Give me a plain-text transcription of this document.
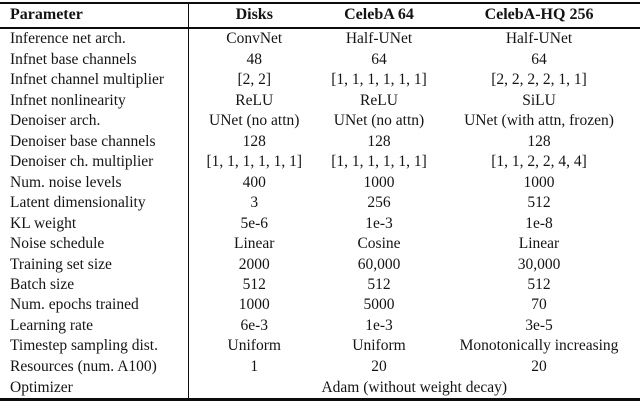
Parameter	Disks	CelebA 64	CelebA-HQ 256
Inference net arch.	ConvNet	Half-UNet	Half-UNet
Infnet base channels	48	64	64
Infnet channel multiplier	[2, 2]	[1, 1, 1, 1, 1, 1]	[2, 2, 2, 2, 1, 1]
Infnet nonlinearity	ReLU	ReLU	SiLU
Denoiser arch.	UNet (no attn)	UNet (no attn)	UNet (with attn, frozen)
Denoiser base channels	128	128	128
Denoiser ch. multiplier	[1, 1, 1, 1, 1, 1]	[1, 1, 1, 1, 1, 1]	[1, 1, 2, 2, 4, 4]
Num. noise levels	400	1000	1000
Latent dimensionality	3	256	512
KL weight	5e-6	1e-3	1e-8
Noise schedule	Linear	Cosine	Linear
Training set size	2000	60,000	30,000
Batch size	512	512	512
Num. epochs trained	1000	5000	70
Learning rate	6e-3	1e-3	3e-5
Timestep sampling dist.	Uniform	Uniform	Monotonically increasing
Resources (num. A100)	1	20	20
Optimizer	Adam (without weight decay)		
